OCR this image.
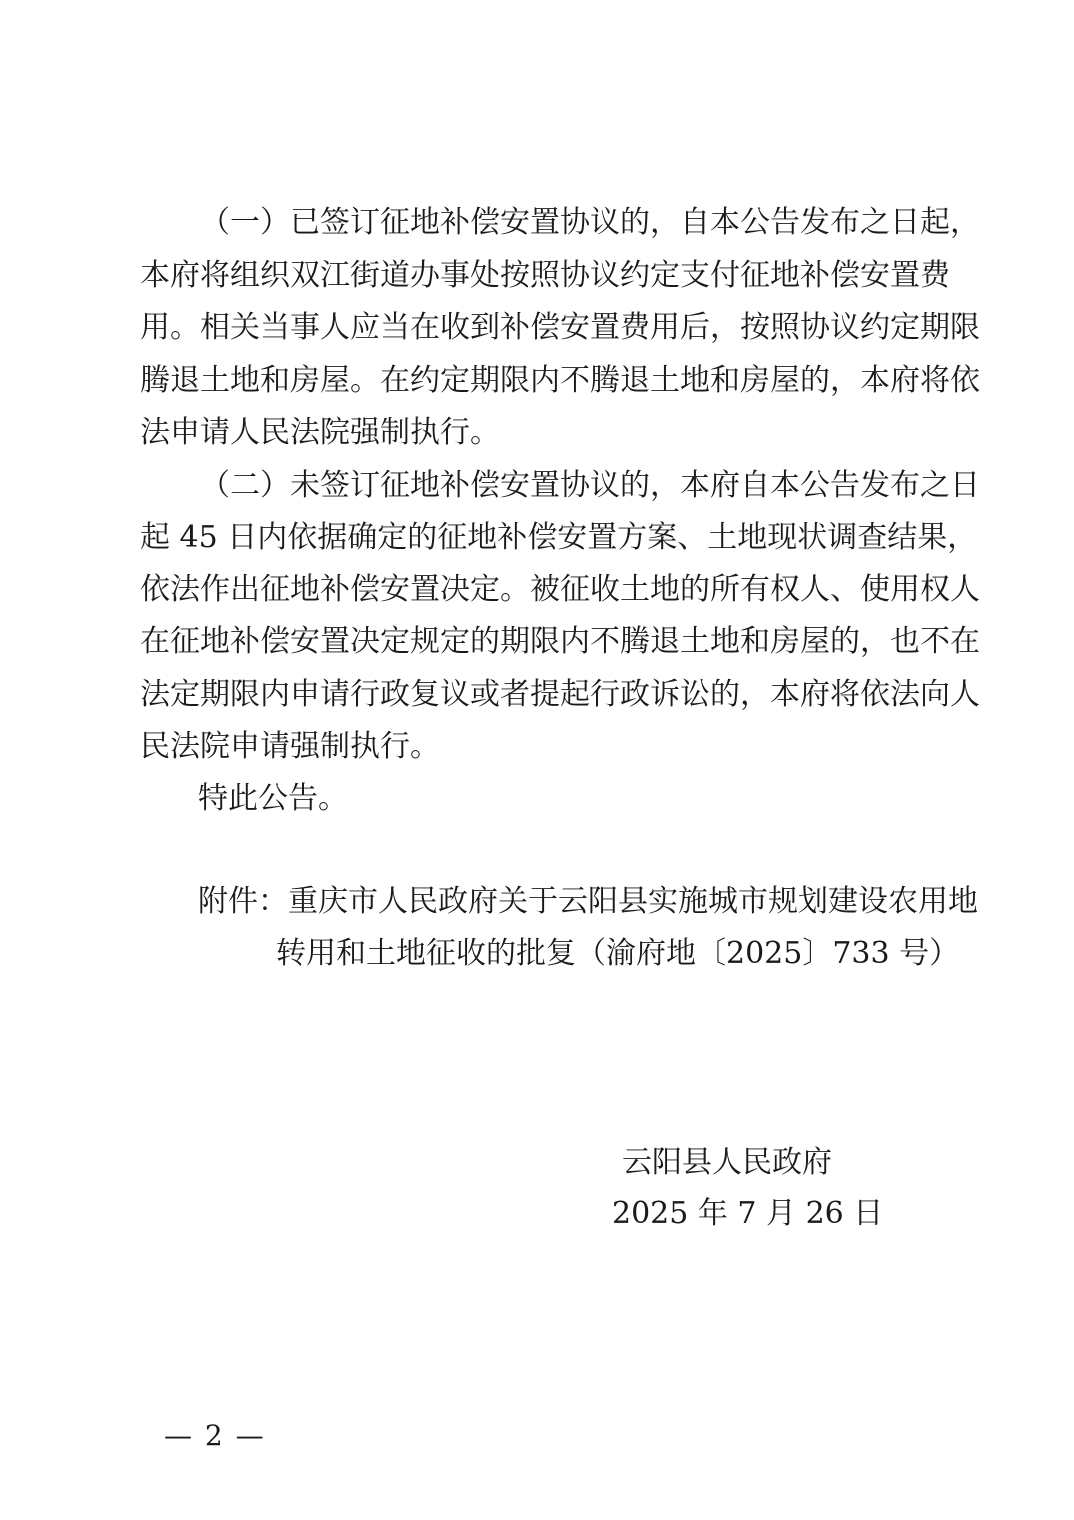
（一）已签订征地补偿安置协议的，自本公告发布之日起，
本府将组织双江街道办事处按照协议约定支付征地补偿安置费
用。相关当事人应当在收到补偿安置费用后，按照协议约定期限
腾退土地和房屋。在约定期限内不腾退土地和房屋的，本府将依
法申请人民法院强制执行。
（二）未签订征地补偿安置协议的，本府自本公告发布之日
起 45 日内依据确定的征地补偿安置方案、土地现状调查结果，
依法作出征地补偿安置决定。被征收土地的所有权人、使用权人
在征地补偿安置决定规定的期限内不腾退土地和房屋的，也不在
法定期限内申请行政复议或者提起行政诉讼的，本府将依法向人
民法院申请强制执行。
特此公告。
附件：重庆市人民政府关于云阳县实施城市规划建设农用地
转用和土地征收的批复（渝府地〔2025〕733 号）
云阳县人民政府
2025 年 7 月 26 日
— 2 —
